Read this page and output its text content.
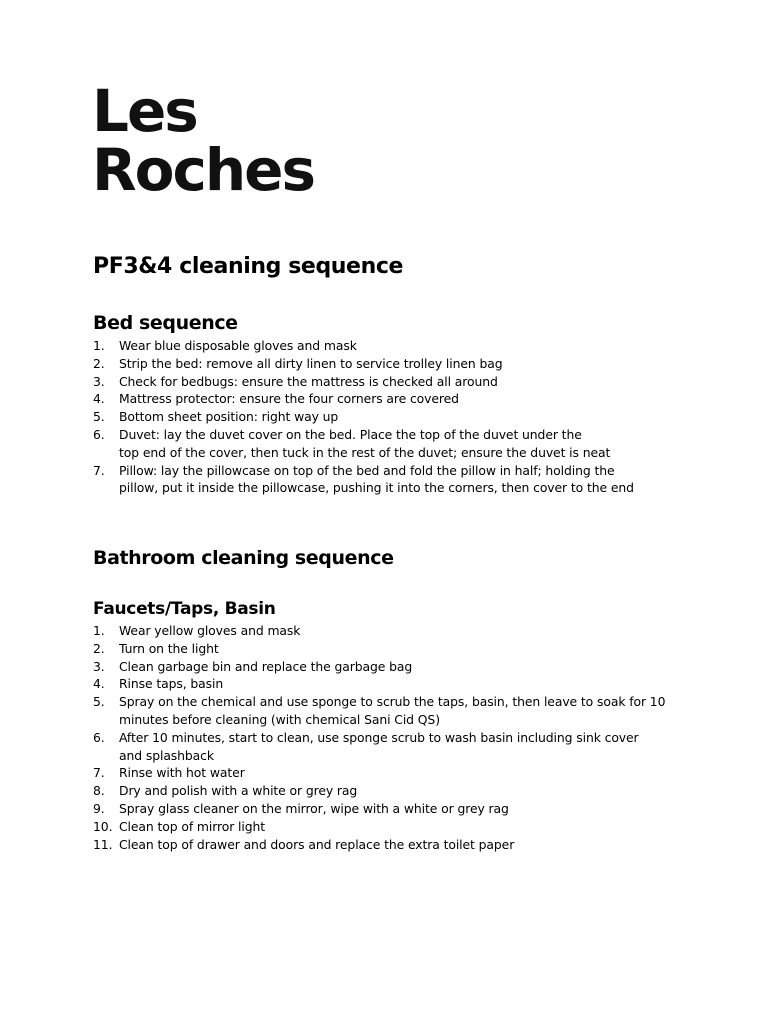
Les
Roches
PF3&4 cleaning sequence
Bed sequence
1.	Wear blue disposable gloves and mask
2.	Strip the bed: remove all dirty linen to service trolley linen bag
3.	Check for bedbugs: ensure the mattress is checked all around
4.	Mattress protector: ensure the four corners are covered
5.	Bottom sheet position: right way up
6.	Duvet: lay the duvet cover on the bed. Place the top of the duvet under the
top end of the cover, then tuck in the rest of the duvet; ensure the duvet is neat
7.	Pillow: lay the pillowcase on top of the bed and fold the pillow in half; holding the
pillow, put it inside the pillowcase, pushing it into the corners, then cover to the end
Bathroom cleaning sequence
Faucets/Taps, Basin
1.	Wear yellow gloves and mask
2.	Turn on the light
3.	Clean garbage bin and replace the garbage bag
4.	Rinse taps, basin
5.	Spray on the chemical and use sponge to scrub the taps, basin, then leave to soak for 10
minutes before cleaning (with chemical Sani Cid QS)
6.	After 10 minutes, start to clean, use sponge scrub to wash basin including sink cover
and splashback
7.	Rinse with hot water
8.	Dry and polish with a white or grey rag
9.	Spray glass cleaner on the mirror, wipe with a white or grey rag
10. Clean top of mirror light
11. Clean top of drawer and doors and replace the extra toilet paper
